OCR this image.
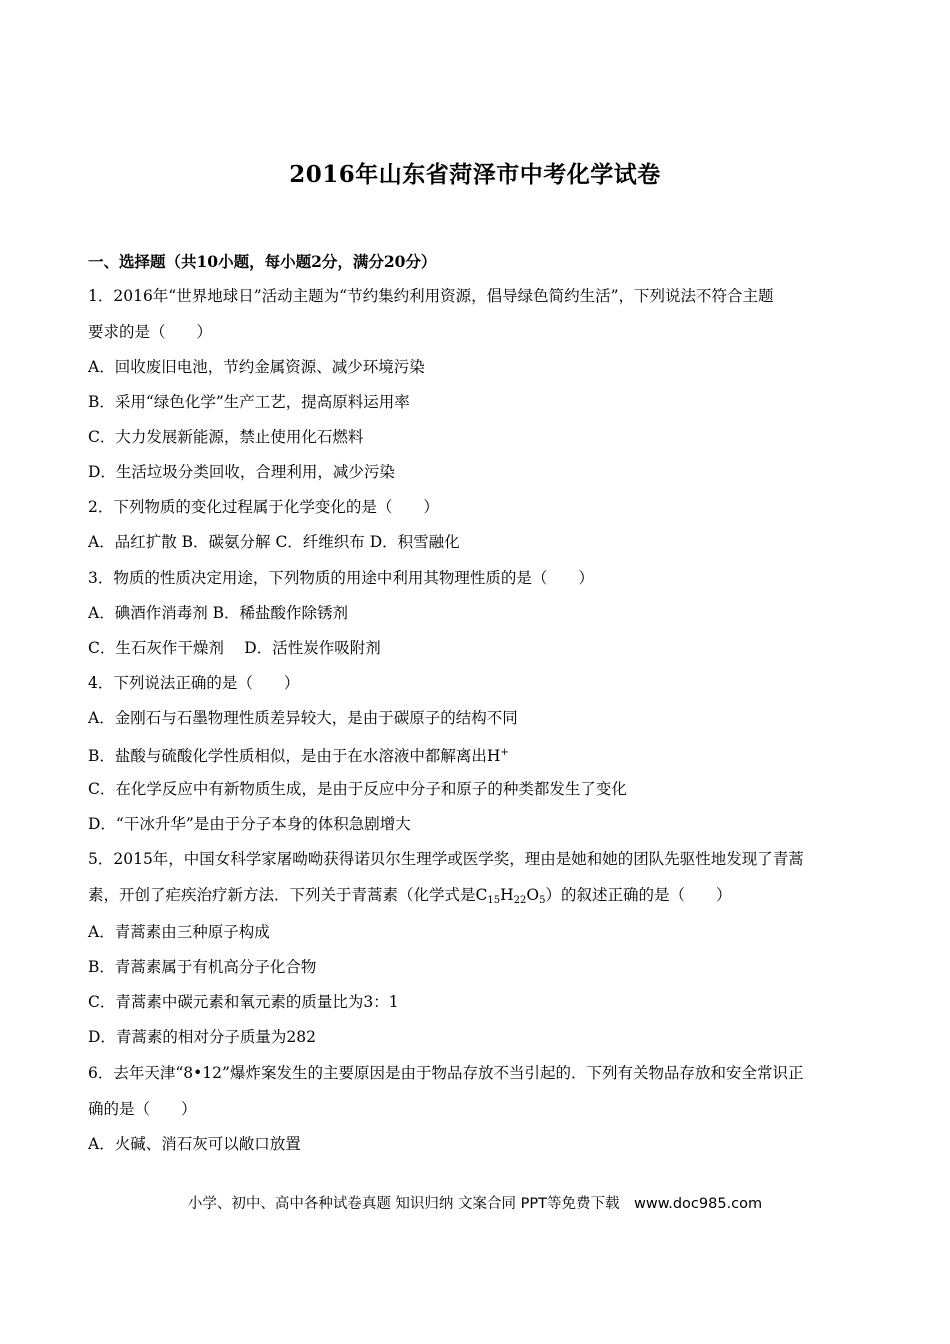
2016年山东省菏泽市中考化学试卷
一、选择题（共10小题，每小题2分，满分20分）
1．2016年“世界地球日”活动主题为“节约集约利用资源，倡导绿色简约生活”，下列说法不符合主题
要求的是（　　）
A．回收废旧电池，节约金属资源、减少环境污染
B．采用“绿色化学”生产工艺，提高原料运用率
C．大力发展新能源，禁止使用化石燃料
D．生活垃圾分类回收，合理利用，减少污染
2．下列物质的变化过程属于化学变化的是（　　）
A．品红扩散 B．碳氨分解 C．纤维织布 D．积雪融化
3．物质的性质决定用途，下列物质的用途中利用其物理性质的是（　　）
A．碘酒作消毒剂 B．稀盐酸作除锈剂
C．生石灰作干燥剂　 D．活性炭作吸附剂
4．下列说法正确的是（　　）
A．金刚石与石墨物理性质差异较大，是由于碳原子的结构不同
B．盐酸与硫酸化学性质相似，是由于在水溶液中都解离出H+
C．在化学反应中有新物质生成，是由于反应中分子和原子的种类都发生了变化
D．“干冰升华”是由于分子本身的体积急剧增大
5．2015年，中国女科学家屠呦呦获得诺贝尔生理学或医学奖，理由是她和她的团队先驱性地发现了青蒿
素，开创了疟疾治疗新方法．下列关于青蒿素（化学式是$C_{15}H_{22}O_5$）的叙述正确的是（　　）
A．青蒿素由三种原子构成
B．青蒿素属于有机高分子化合物
C．青蒿素中碳元素和氧元素的质量比为3：1
D．青蒿素的相对分子质量为282
6．去年天津“8•12”爆炸案发生的主要原因是由于物品存放不当引起的．下列有关物品存放和安全常识正
确的是（　　）
A．火碱、消石灰可以敞口放置
小学、初中、高中各种试卷真题 知识归纳 文案合同 PPT等免费下载　www.doc985.com
